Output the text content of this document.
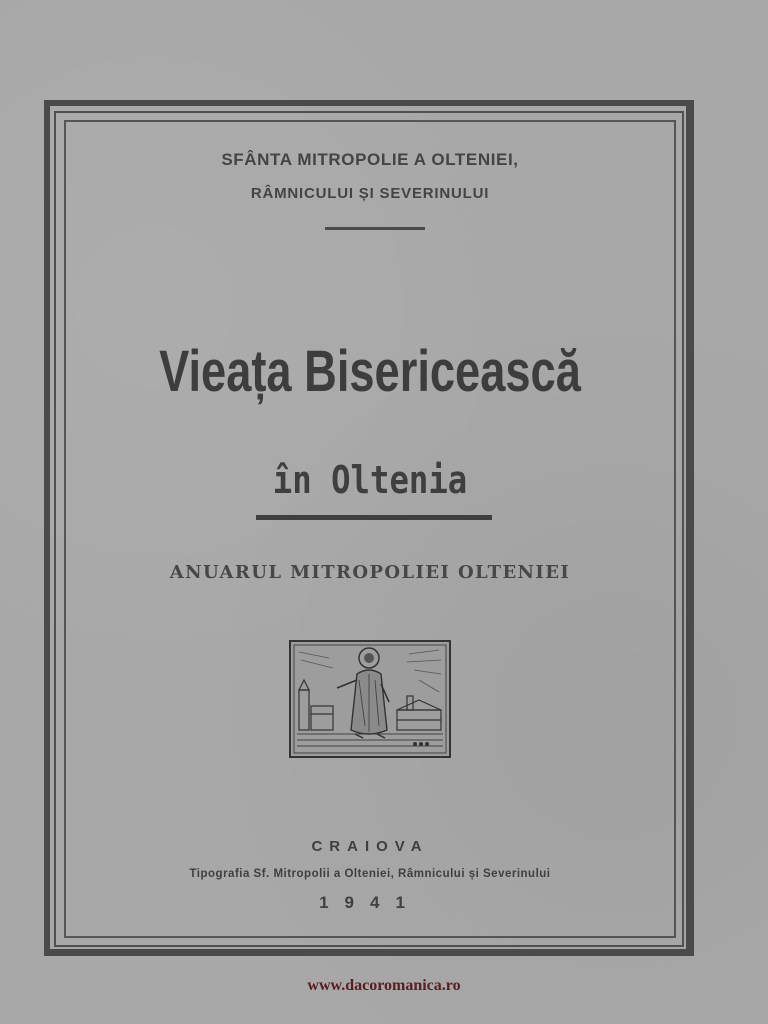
SFÂNTA MITROPOLIE A OLTENIEI,
RÂMNICULUI ȘI SEVERINULUI
Vieața Bisericească
în Oltenia
ANUARUL MITROPOLIEI OLTENIEI
CRAIOVA
Tipografia Sf. Mitropolii a Olteniei, Râmnicului și Severinului
1941
www.dacoromanica.ro
